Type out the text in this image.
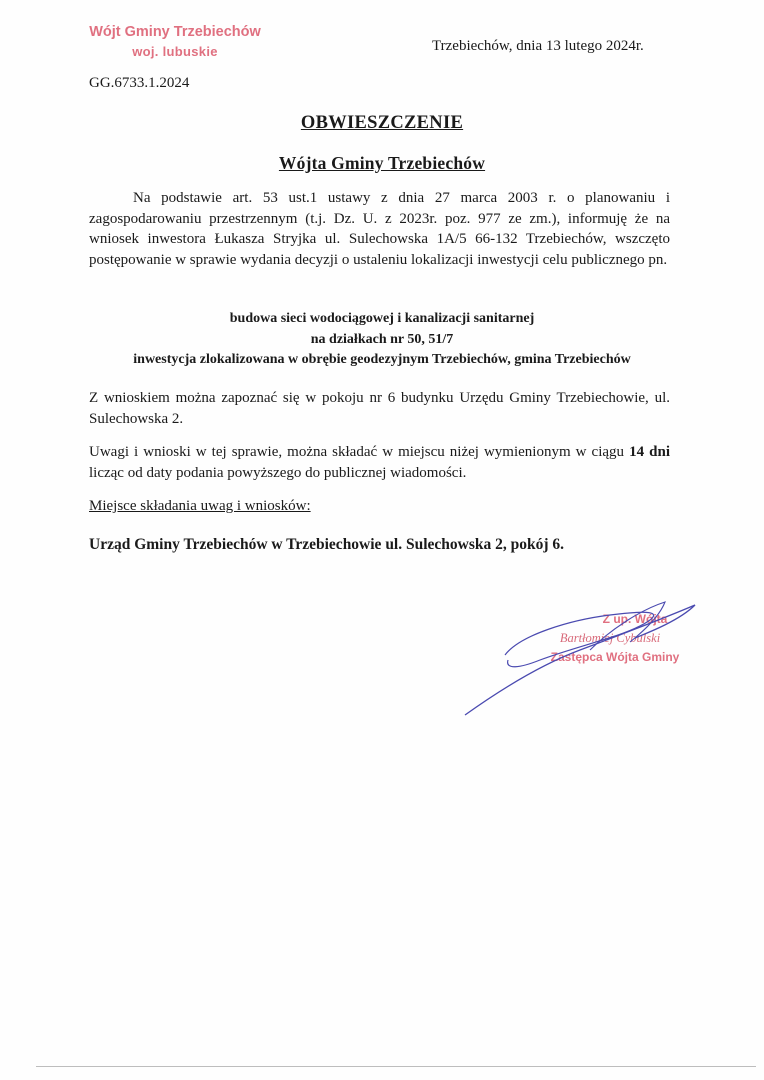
Wójt Gminy Trzebiechów
woj. lubuskie	Trzebiechów, dnia 13 lutego 2024r.
GG.6733.1.2024
OBWIESZCZENIE
Wójta Gminy Trzebiechów

Na podstawie art. 53 ust.1 ustawy z dnia 27 marca 2003 r. o planowaniu i zagospodarowaniu przestrzennym (t.j. Dz. U. z 2023r. poz. 977 ze zm.), informuję że na wniosek inwestora Łukasza Stryjka ul. Sulechowska 1A/5 66-132 Trzebiechów, wszczęto postępowanie w sprawie wydania decyzji o ustaleniu lokalizacji inwestycji celu publicznego pn.

budowa sieci wodociągowej i kanalizacji sanitarnej
na działkach nr 50, 51/7
inwestycja zlokalizowana w obrębie geodezyjnym Trzebiechów, gmina Trzebiechów

Z wnioskiem można zapoznać się w pokoju nr 6 budynku Urzędu Gminy Trzebiechowie, ul. Sulechowska 2.

Uwagi i wnioski w tej sprawie, można składać w miejscu niżej wymienionym w ciągu 14 dni licząc od daty podania powyższego do publicznej wiadomości.

Miejsce składania uwag i wniosków:
Urząd Gminy Trzebiechów w Trzebiechowie ul. Sulechowska 2, pokój 6.
Z up. Wójta
Bartłomiej Cybulski
Zastępca Wójta Gminy
